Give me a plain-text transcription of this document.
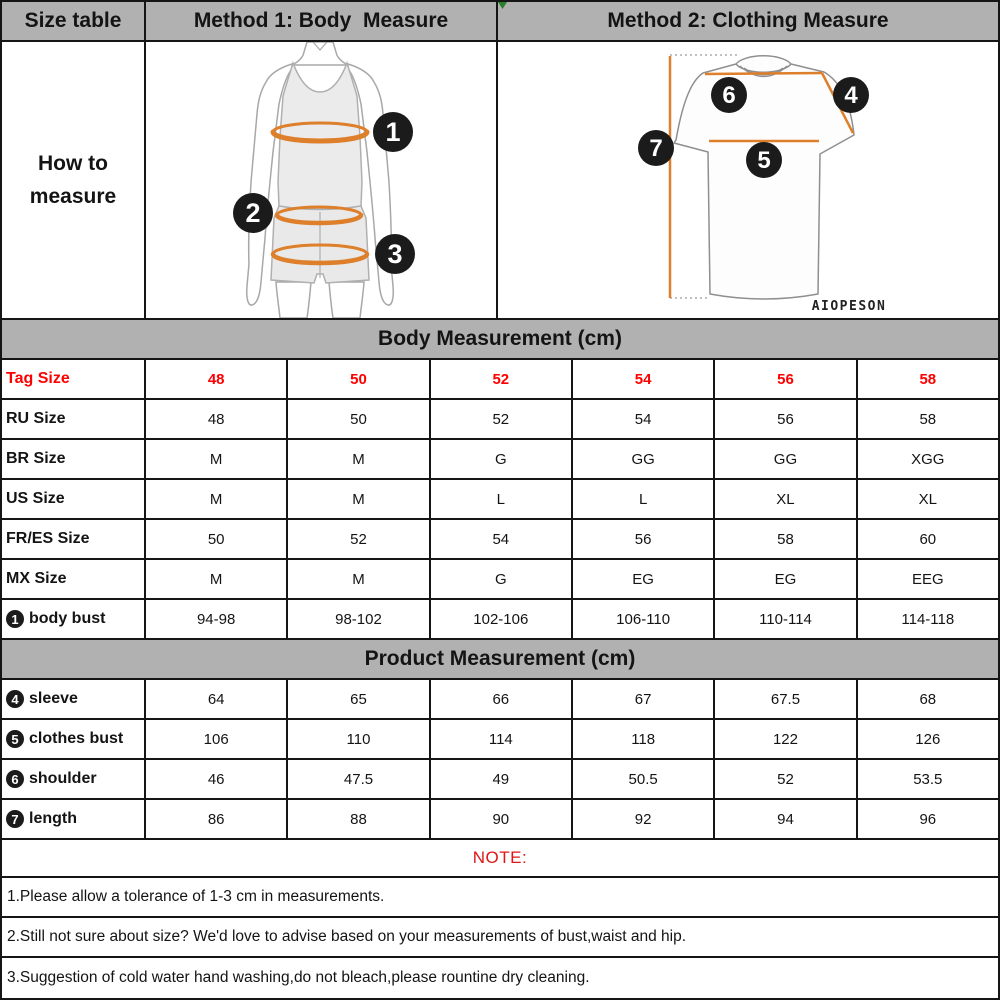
Size table	Method 1: Body  Measure	Method 2: Clothing Measure
How to
measure
1
2
3
6	4
7	5
AIOPESON
Body Measurement (cm)
Tag Size	48	50	52	54	56	58
RU Size	48	50	52	54	56	58
BR Size	M	M	G	GG	GG	XGG
US Size	M	M	L	L	XL	XL
FR/ES Size	50	52	54	56	58	60
MX Size	M	M	G	EG	EG	EEG
1 body bust	94-98	98-102	102-106	106-110	110-114	114-118
Product Measurement (cm)
4 sleeve	64	65	66	67	67.5	68
5 clothes bust	106	110	114	118	122	126
6 shoulder	46	47.5	49	50.5	52	53.5
7 length	86	88	90	92	94	96
NOTE:
1.Please allow a tolerance of 1-3 cm in measurements.
2.Still not sure about size? We'd love to advise based on your measurements of bust,waist and hip.
3.Suggestion of cold water hand washing,do not bleach,please rountine dry cleaning.
